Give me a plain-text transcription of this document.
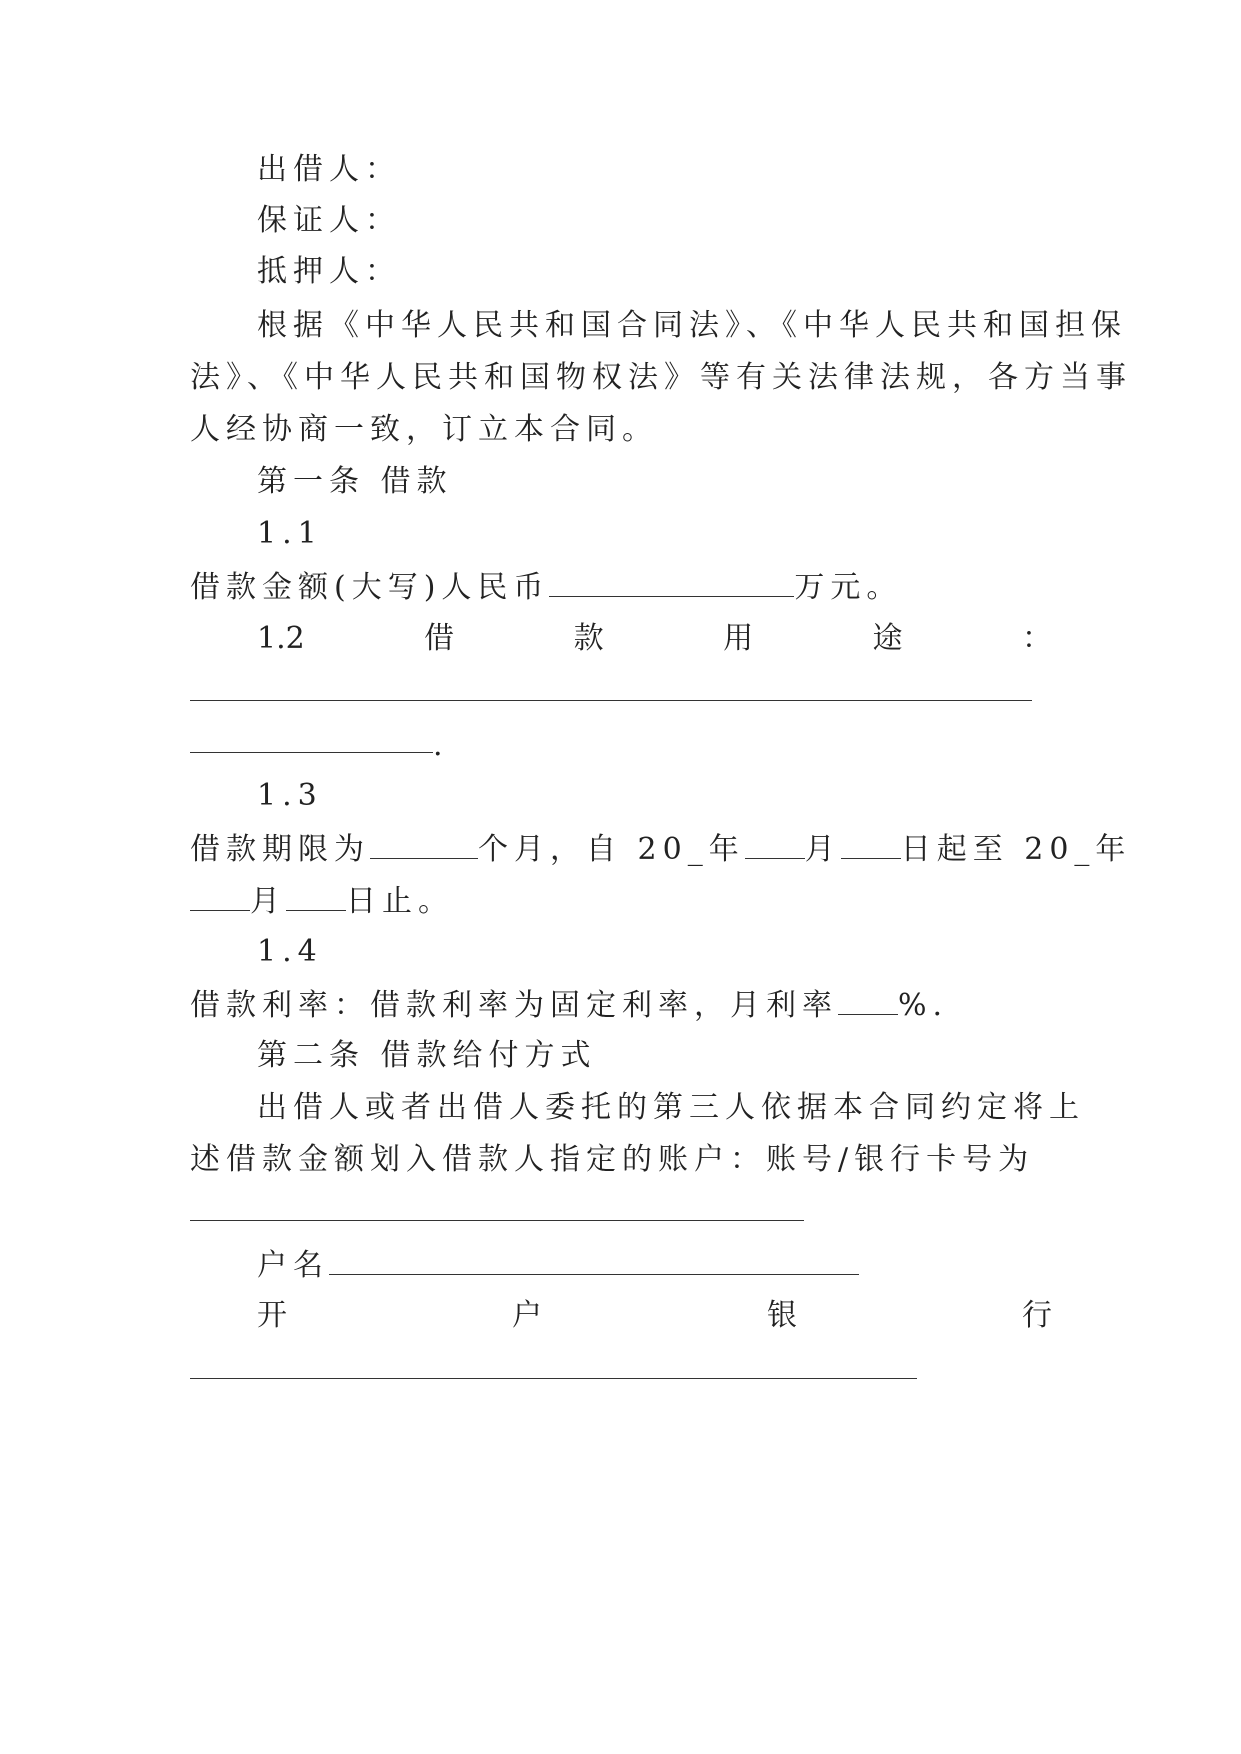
出借人：
保证人：
抵押人：
根据《中华人民共和国合同法》、《中华人民共和国担保
法》、《中华人民共和国物权法》等有关法律法规，各方当事
人经协商一致，订立本合同。
第一条 借款
1.1
借款金额(大写)人民币	万元。
1.2	借	款	用	途	：
.
1.3
借款期限为	个月，自 20_年 月 日起至 20_年
月 日止。
1.4
借款利率：借款利率为固定利率，月利率 %.
第二条 借款给付方式
出借人或者出借人委托的第三人依据本合同约定将上
述借款金额划入借款人指定的账户：账号/银行卡号为
户名
开	户	银	行
